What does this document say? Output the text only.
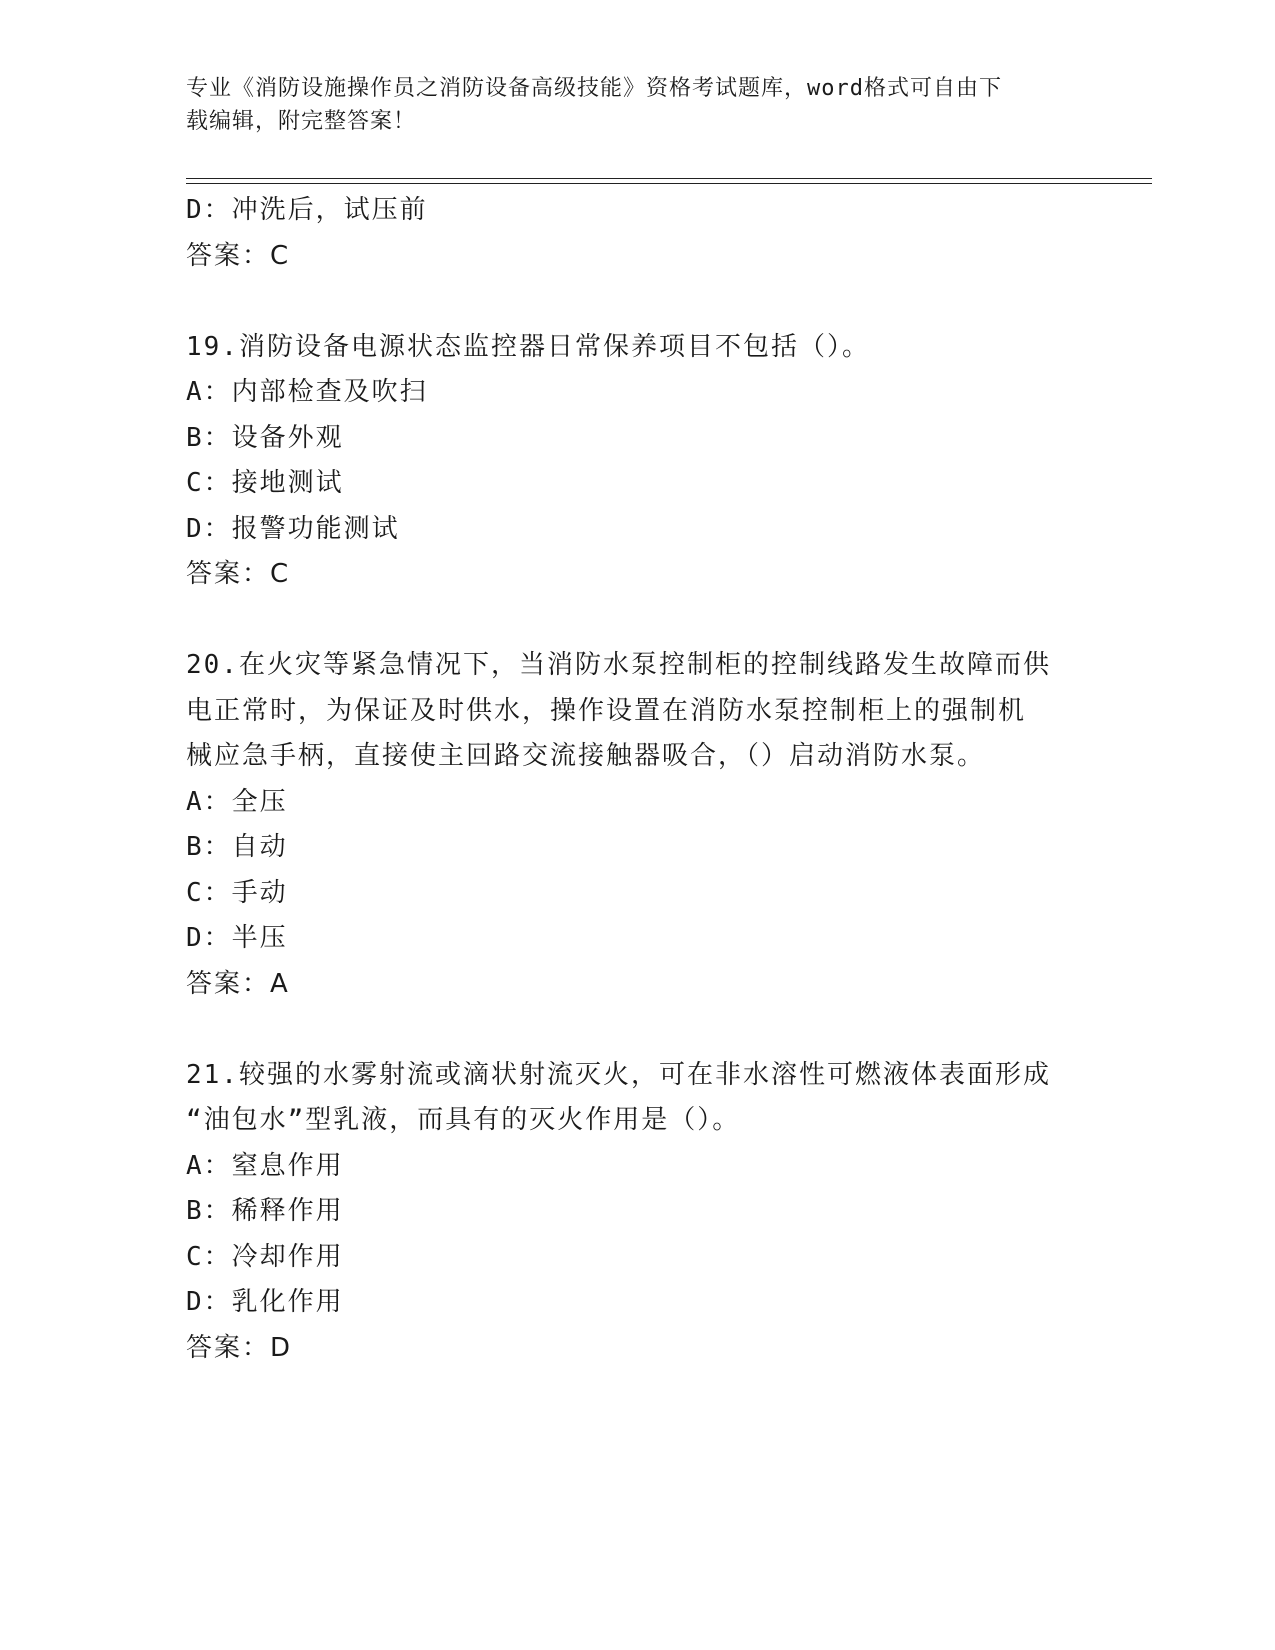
专业《消防设施操作员之消防设备高级技能》资格考试题库，word格式可自由下
载编辑，附完整答案！
D：冲洗后，试压前
答案：C
19.消防设备电源状态监控器日常保养项目不包括（）。
A：内部检查及吹扫
B：设备外观
C：接地测试
D：报警功能测试
答案：C
20.在火灾等紧急情况下，当消防水泵控制柜的控制线路发生故障而供
电正常时，为保证及时供水，操作设置在消防水泵控制柜上的强制机
械应急手柄，直接使主回路交流接触器吸合，（）启动消防水泵。
A：全压
B：自动
C：手动
D：半压
答案：A
21.较强的水雾射流或滴状射流灭火，可在非水溶性可燃液体表面形成
“油包水”型乳液，而具有的灭火作用是（）。
A：窒息作用
B：稀释作用
C：冷却作用
D：乳化作用
答案：D
